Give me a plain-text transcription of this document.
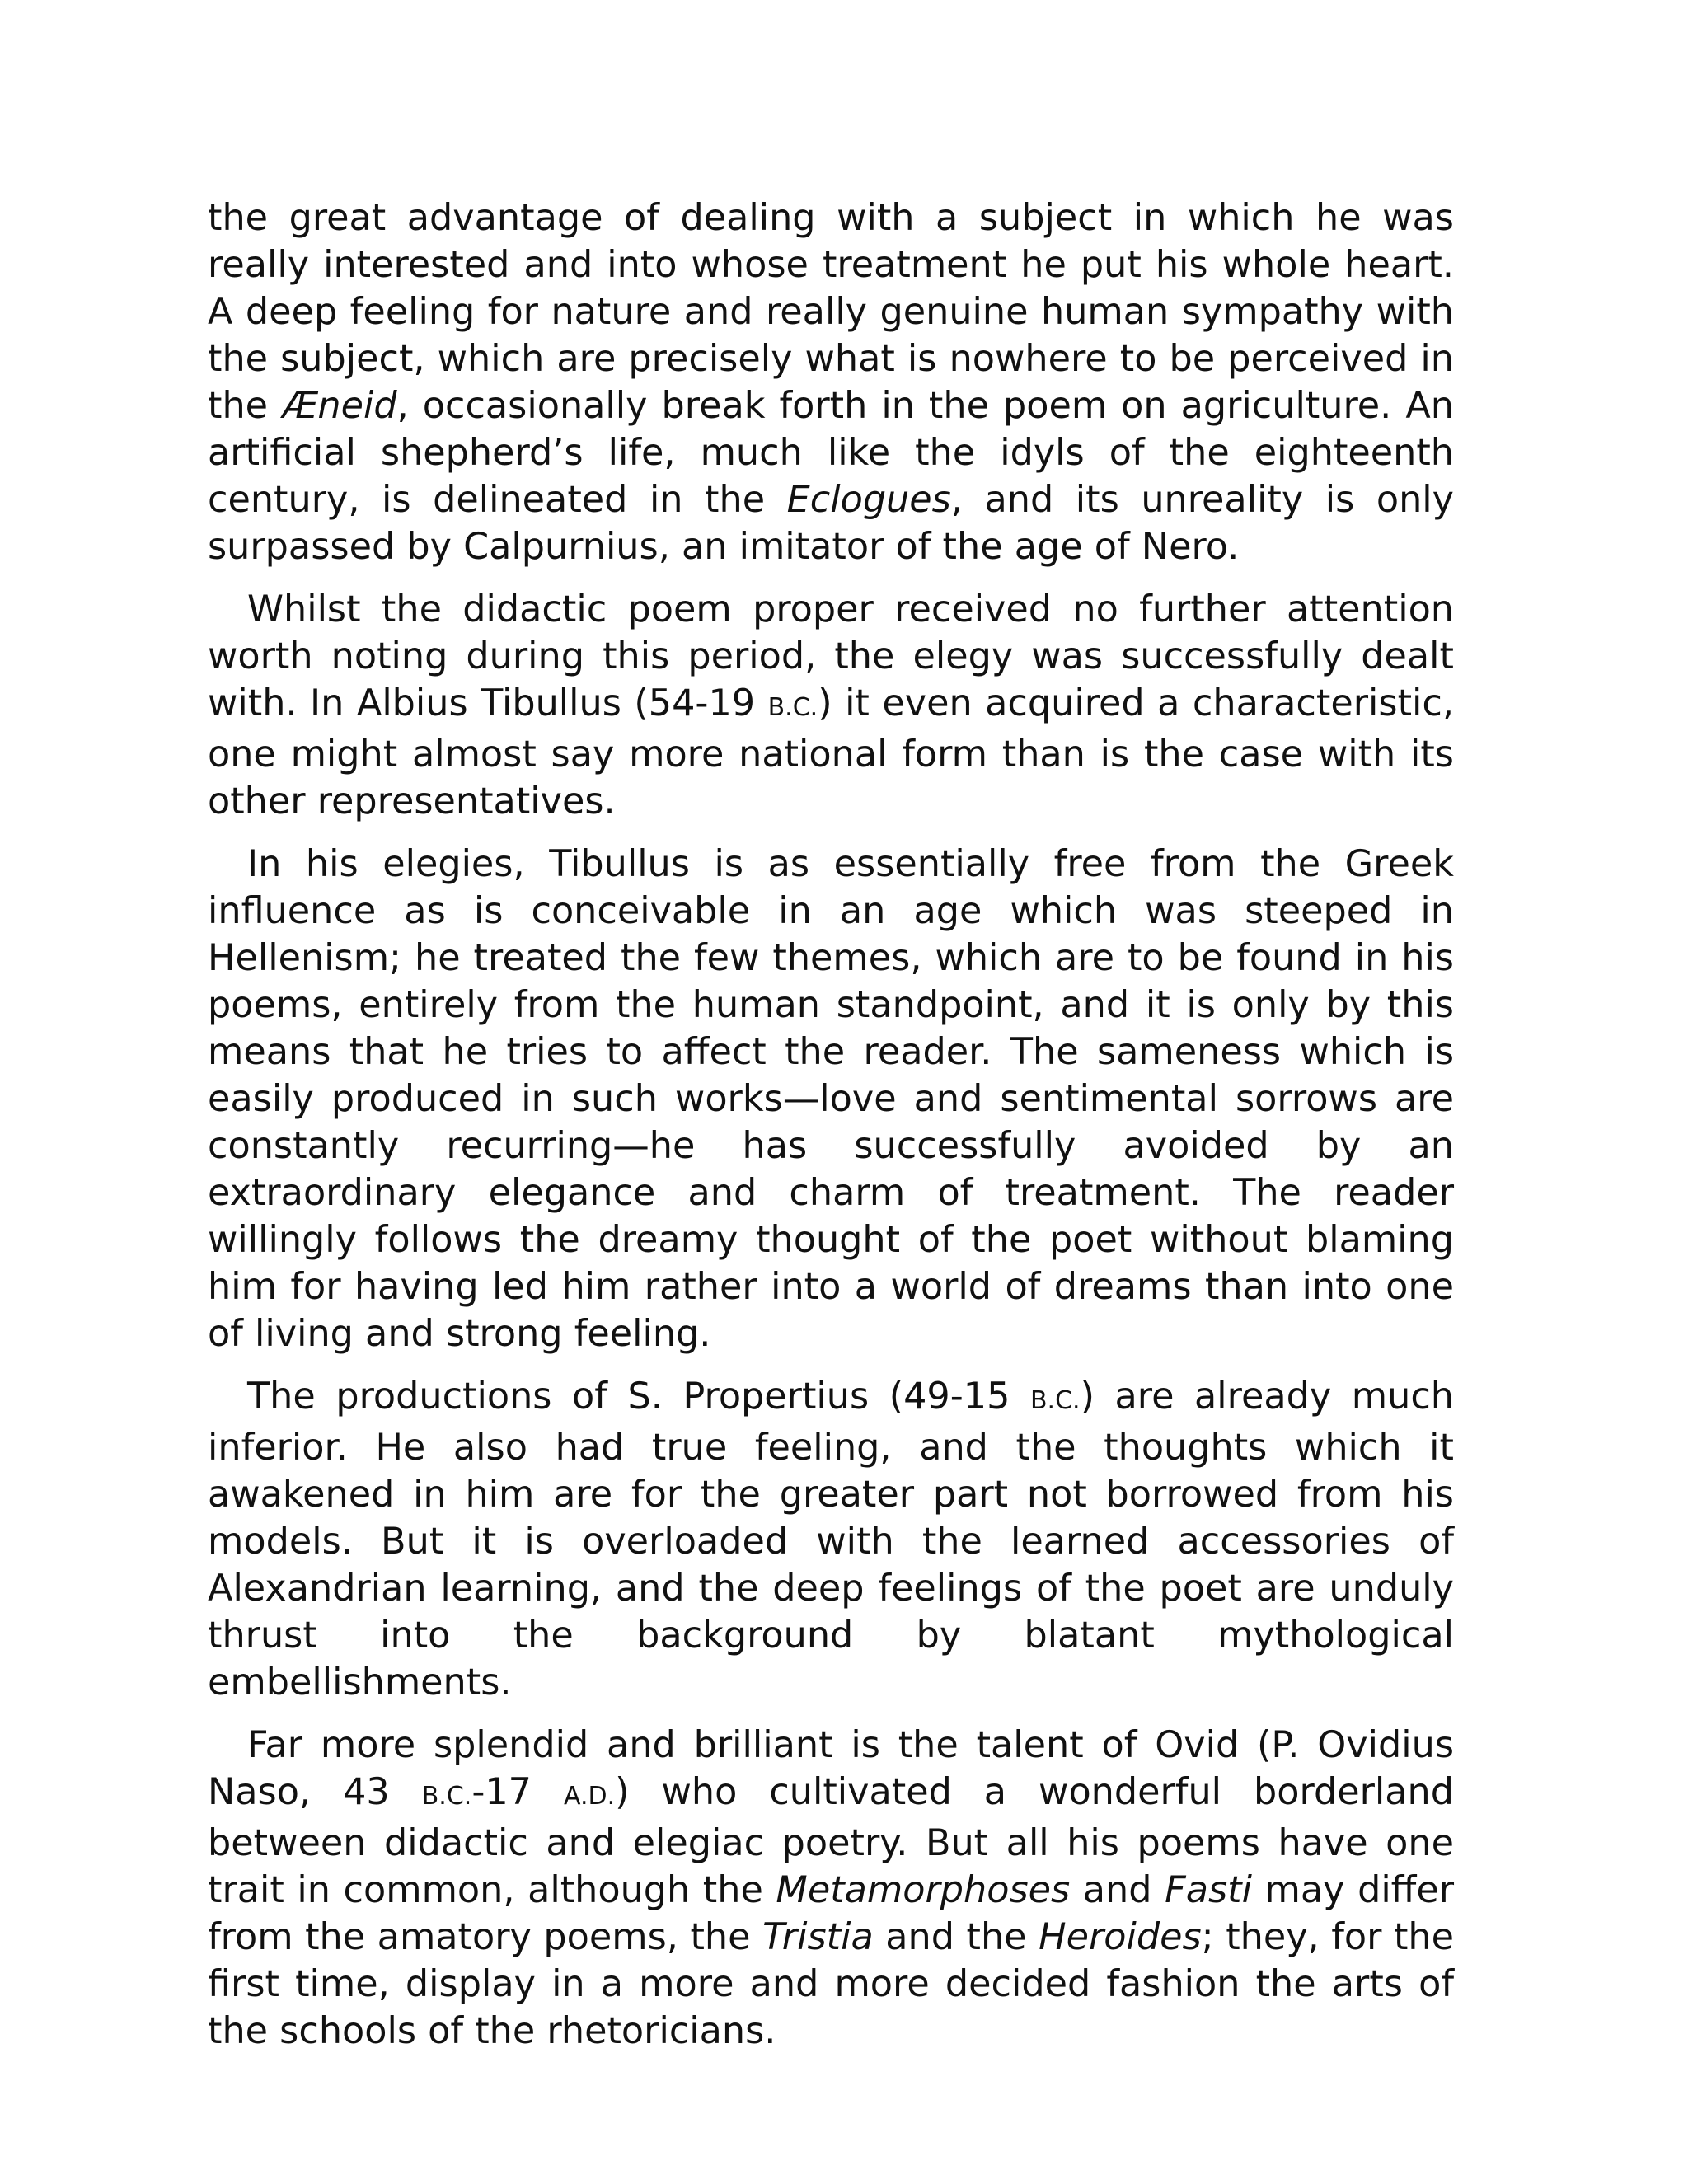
the great advantage of dealing with a subject in which he was really interested and into whose treatment he put his whole heart. A deep feeling for nature and really genuine human sympathy with the subject, which are precisely what is nowhere to be perceived in the Æneid, occasionally break forth in the poem on agriculture. An artificial shepherd’s life, much like the idyls of the eighteenth century, is delineated in the Eclogues, and its unreality is only surpassed by Calpurnius, an imitator of the age of Nero.

Whilst the didactic poem proper received no further attention worth noting during this period, the elegy was successfully dealt with. In Albius Tibullus (54-19 B.C.) it even acquired a characteristic, one might almost say more national form than is the case with its other representatives.

In his elegies, Tibullus is as essentially free from the Greek influence as is conceivable in an age which was steeped in Hellenism; he treated the few themes, which are to be found in his poems, entirely from the human standpoint, and it is only by this means that he tries to affect the reader. The sameness which is easily produced in such works—love and sentimental sorrows are constantly recurring—he has successfully avoided by an extraordinary elegance and charm of treatment. The reader willingly follows the dreamy thought of the poet without blaming him for having led him rather into a world of dreams than into one of living and strong feeling.

The productions of S. Propertius (49-15 B.C.) are already much inferior. He also had true feeling, and the thoughts which it awakened in him are for the greater part not borrowed from his models. But it is overloaded with the learned accessories of Alexandrian learning, and the deep feelings of the poet are unduly thrust into the background by blatant mythological embellishments.

Far more splendid and brilliant is the talent of Ovid (P. Ovidius Naso, 43 B.C.-17 A.D.) who cultivated a wonderful borderland between didactic and elegiac poetry. But all his poems have one trait in common, although the Metamorphoses and Fasti may differ from the amatory poems, the Tristia and the Heroides; they, for the first time, display in a more and more decided fashion the arts of the schools of the rhetoricians.
